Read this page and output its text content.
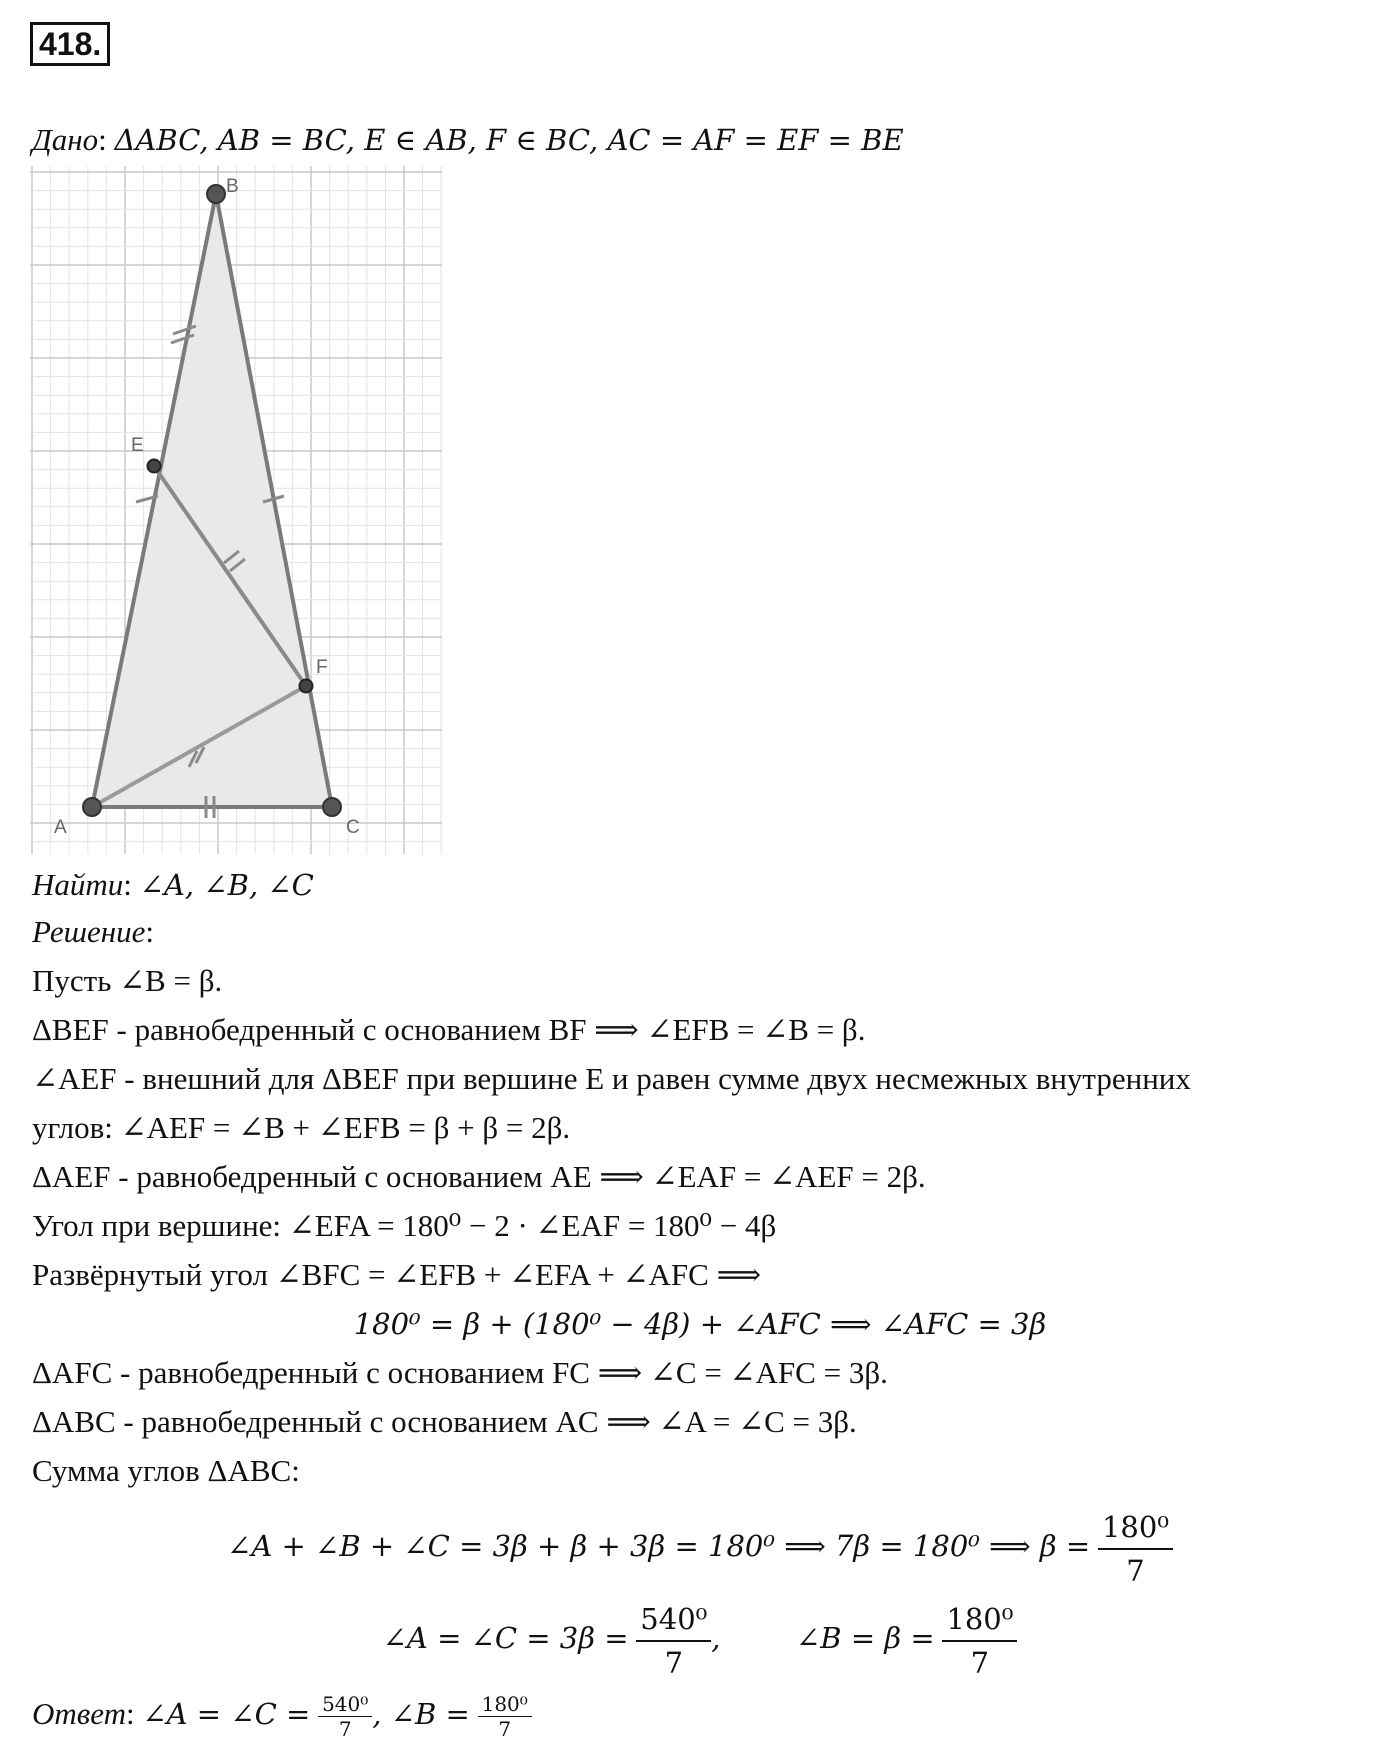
418.
Дано: ΔABC, AB = BC, E ∈ AB, F ∈ BC, AC = AF = EF = BE
A
B
C
E
F
Найти: ∠A, ∠B, ∠C
Решение:
Пусть ∠B = β.
ΔBEF - равнобедренный с основанием BF ⟹ ∠EFB = ∠B = β.
∠AEF - внешний для ΔBEF при вершине E и равен сумме двух несмежных внутренних
углов: ∠AEF = ∠B + ∠EFB = β + β = 2β.
ΔAEF - равнобедренный с основанием AE ⟹ ∠EAF = ∠AEF = 2β.
Угол при вершине: ∠EFA = 180⁰ − 2 · ∠EAF = 180⁰ − 4β
Развёрнутый угол ∠BFC = ∠EFB + ∠EFA + ∠AFC ⟹
180⁰ = β + (180⁰ − 4β) + ∠AFC ⟹ ∠AFC = 3β
ΔAFC - равнобедренный с основанием FC ⟹ ∠C = ∠AFC = 3β.
ΔABC - равнобедренный с основанием AC ⟹ ∠A = ∠C = 3β.
Сумма углов ΔABC:
∠A + ∠B + ∠C = 3β + β + 3β = 180⁰ ⟹ 7β = 180⁰ ⟹ $\beta = \frac{\text{180⁰}}{7}$
∠A = ∠C = $3\beta = \frac{\text{540⁰}}{7}$ ,	∠B = $\beta = \frac{\text{180⁰}}{7}$
Ответ: ∠A = ∠C = $\frac{\text{540⁰}}{7}$ , ∠B = $\frac{\text{180⁰}}{7}$
